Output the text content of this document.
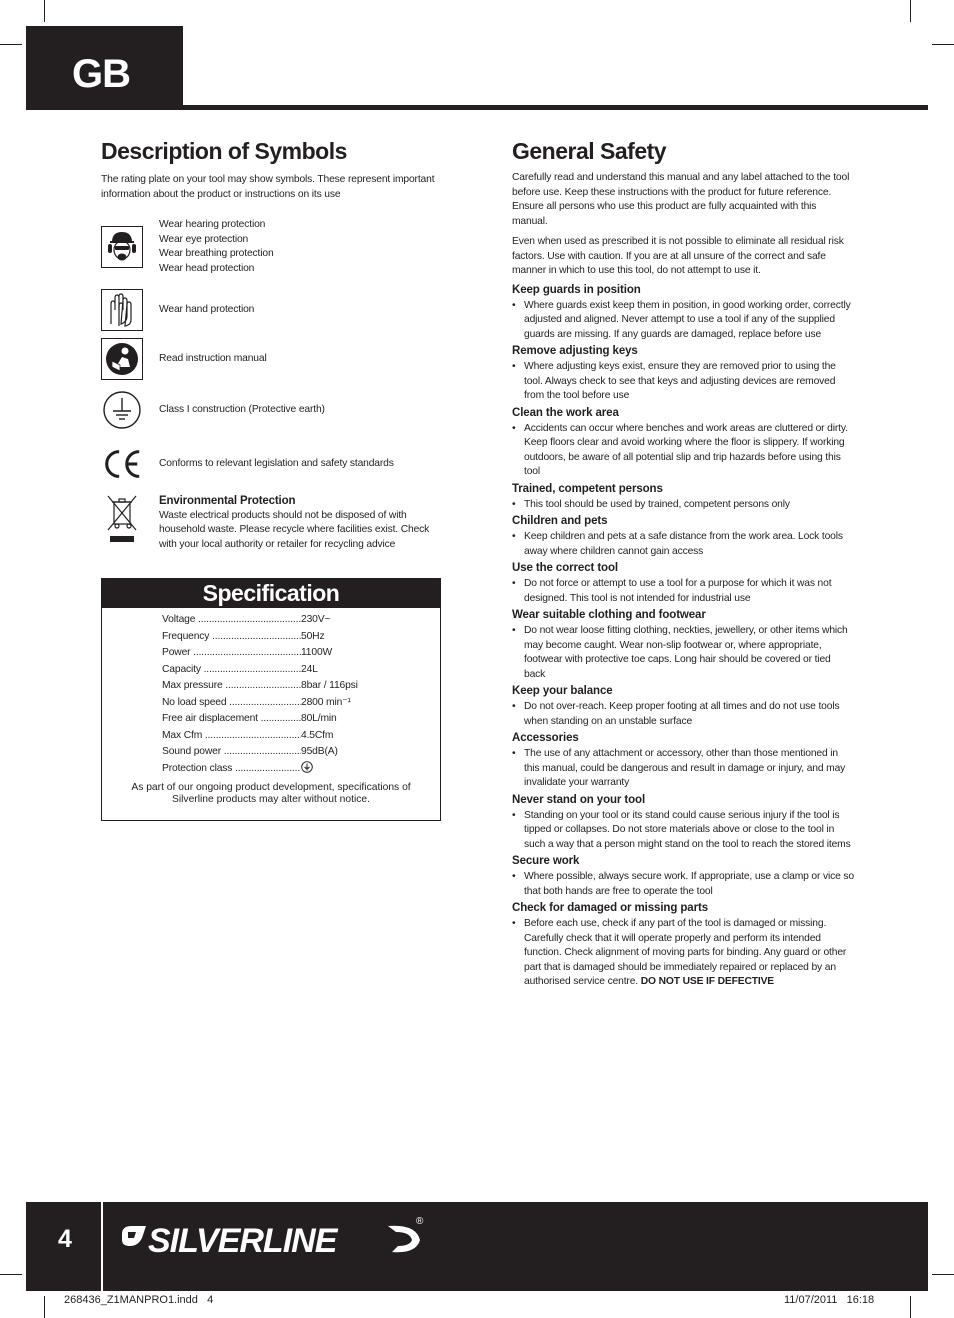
GB
Description of Symbols

The rating plate on your tool may show symbols. These represent important information about the product or instructions on its use

Wear hearing protection
Wear eye protection
Wear breathing protection
Wear head protection
Wear hand protection
Read instruction manual
Class I construction (Protective earth)
Conforms to relevant legislation and safety standards
Environmental Protection
Waste electrical products should not be disposed of with household waste. Please recycle where facilities exist. Check with your local authority or retailer for recycling advice
Specification
Voltage .....	230V~
Frequency .....	50Hz
Power .....	1100W
Capacity .....	24L
Max pressure .....	8bar / 116psi
No load speed .....	2800 min⁻¹
Free air displacement .....	80L/min
Max Cfm .....	4.5Cfm
Sound power .....	95dB(A)
Protection class .....
As part of our ongoing product development, specifications of
Silverline products may alter without notice.
General Safety

Carefully read and understand this manual and any label attached to the tool before use. Keep these instructions with the product for future reference. Ensure all persons who use this product are fully acquainted with this manual.

Even when used as prescribed it is not possible to eliminate all residual risk factors. Use with caution. If you are at all unsure of the correct and safe manner in which to use this tool, do not attempt to use it.

Keep guards in position
• Where guards exist keep them in position, in good working order, correctly adjusted and aligned. Never attempt to use a tool if any of the supplied guards are missing. If any guards are damaged, replace before use
Remove adjusting keys
• Where adjusting keys exist, ensure they are removed prior to using the tool. Always check to see that keys and adjusting devices are removed from the tool before use
Clean the work area
• Accidents can occur where benches and work areas are cluttered or dirty. Keep floors clear and avoid working where the floor is slippery. If working outdoors, be aware of all potential slip and trip hazards before using this tool
Trained, competent persons
• This tool should be used by trained, competent persons only
Children and pets
• Keep children and pets at a safe distance from the work area. Lock tools away where children cannot gain access
Use the correct tool
• Do not force or attempt to use a tool for a purpose for which it was not designed. This tool is not intended for industrial use
Wear suitable clothing and footwear
• Do not wear loose fitting clothing, neckties, jewellery, or other items which may become caught. Wear non-slip footwear or, where appropriate, footwear with protective toe caps. Long hair should be covered or tied back
Keep your balance
• Do not over-reach. Keep proper footing at all times and do not use tools when standing on an unstable surface
Accessories
• The use of any attachment or accessory, other than those mentioned in this manual, could be dangerous and result in damage or injury, and may invalidate your warranty
Never stand on your tool
• Standing on your tool or its stand could cause serious injury if the tool is tipped or collapses. Do not store materials above or close to the tool in such a way that a person might stand on the tool to reach the stored items
Secure work
• Where possible, always secure work. If appropriate, use a clamp or vice so that both hands are free to operate the tool
Check for damaged or missing parts
• Before each use, check if any part of the tool is damaged or missing. Carefully check that it will operate properly and perform its intended function. Check alignment of moving parts for binding. Any guard or other part that is damaged should be immediately repaired or replaced by an authorised service centre. DO NOT USE IF DEFECTIVE
4 SILVERLINE
®
268436_Z1MANPRO1.indd   4	11/07/2011   16:18
